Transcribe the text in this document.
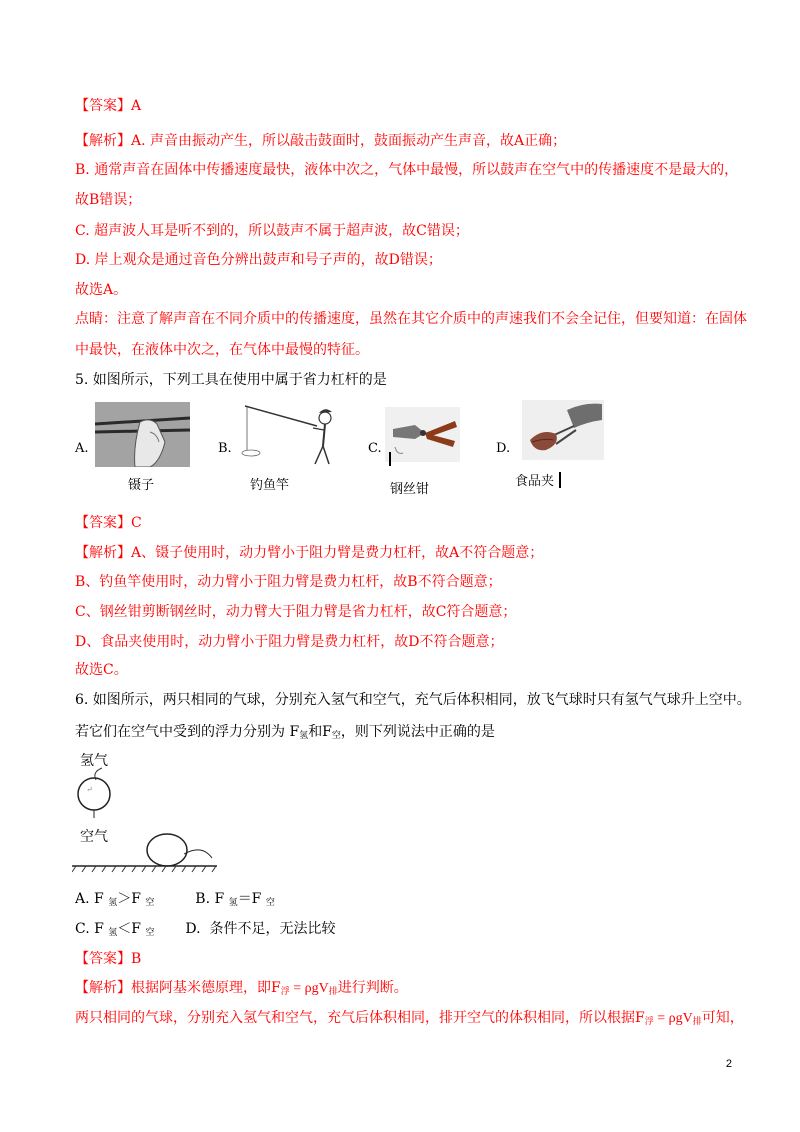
【答案】A
【解析】A. 声音由振动产生，所以敲击鼓面时，鼓面振动产生声音，故A正确；
B. 通常声音在固体中传播速度最快，液体中次之，气体中最慢，所以鼓声在空气中的传播速度不是最大的，
故B错误；
C. 超声波人耳是听不到的，所以鼓声不属于超声波，故C错误；
D. 岸上观众是通过音色分辨出鼓声和号子声的，故D错误；
故选A。
点睛：注意了解声音在不同介质中的传播速度，虽然在其它介质中的声速我们不会全记住，但要知道：在固体
中最快，在液体中次之，在气体中最慢的特征。
5. 如图所示，下列工具在使用中属于省力杠杆的是
A.
镊子
B.
钓鱼竿
C.
钢丝钳
D.
食品夹
【答案】C
【解析】A、镊子使用时，动力臂小于阻力臂是费力杠杆，故A不符合题意；
B、钓鱼竿使用时，动力臂小于阻力臂是费力杠杆，故B不符合题意；
C、钢丝钳剪断钢丝时，动力臂大于阻力臂是省力杠杆，故C符合题意；
D、食品夹使用时，动力臂小于阻力臂是费力杠杆，故D不符合题意；
故选C。
6. 如图所示，两只相同的气球，分别充入氢气和空气，充气后体积相同，放飞气球时只有氢气气球升上空中。
若它们在空气中受到的浮力分别为 $F_氢$和$F_空$，则下列说法中正确的是
氢气
↵
空气
A. F $_氢$＞F $_空$	B. F $_氢$＝F $_空$
C. F $_氢$＜F $_空$ D. 条件不足，无法比较
【答案】B
【解析】根据阿基米德原理，即$F_浮 = \rho gV_排$进行判断。
两只相同的气球，分别充入氢气和空气，充气后体积相同，排开空气的体积相同，所以根据$F_浮 = \rho gV_排$可知，
2
